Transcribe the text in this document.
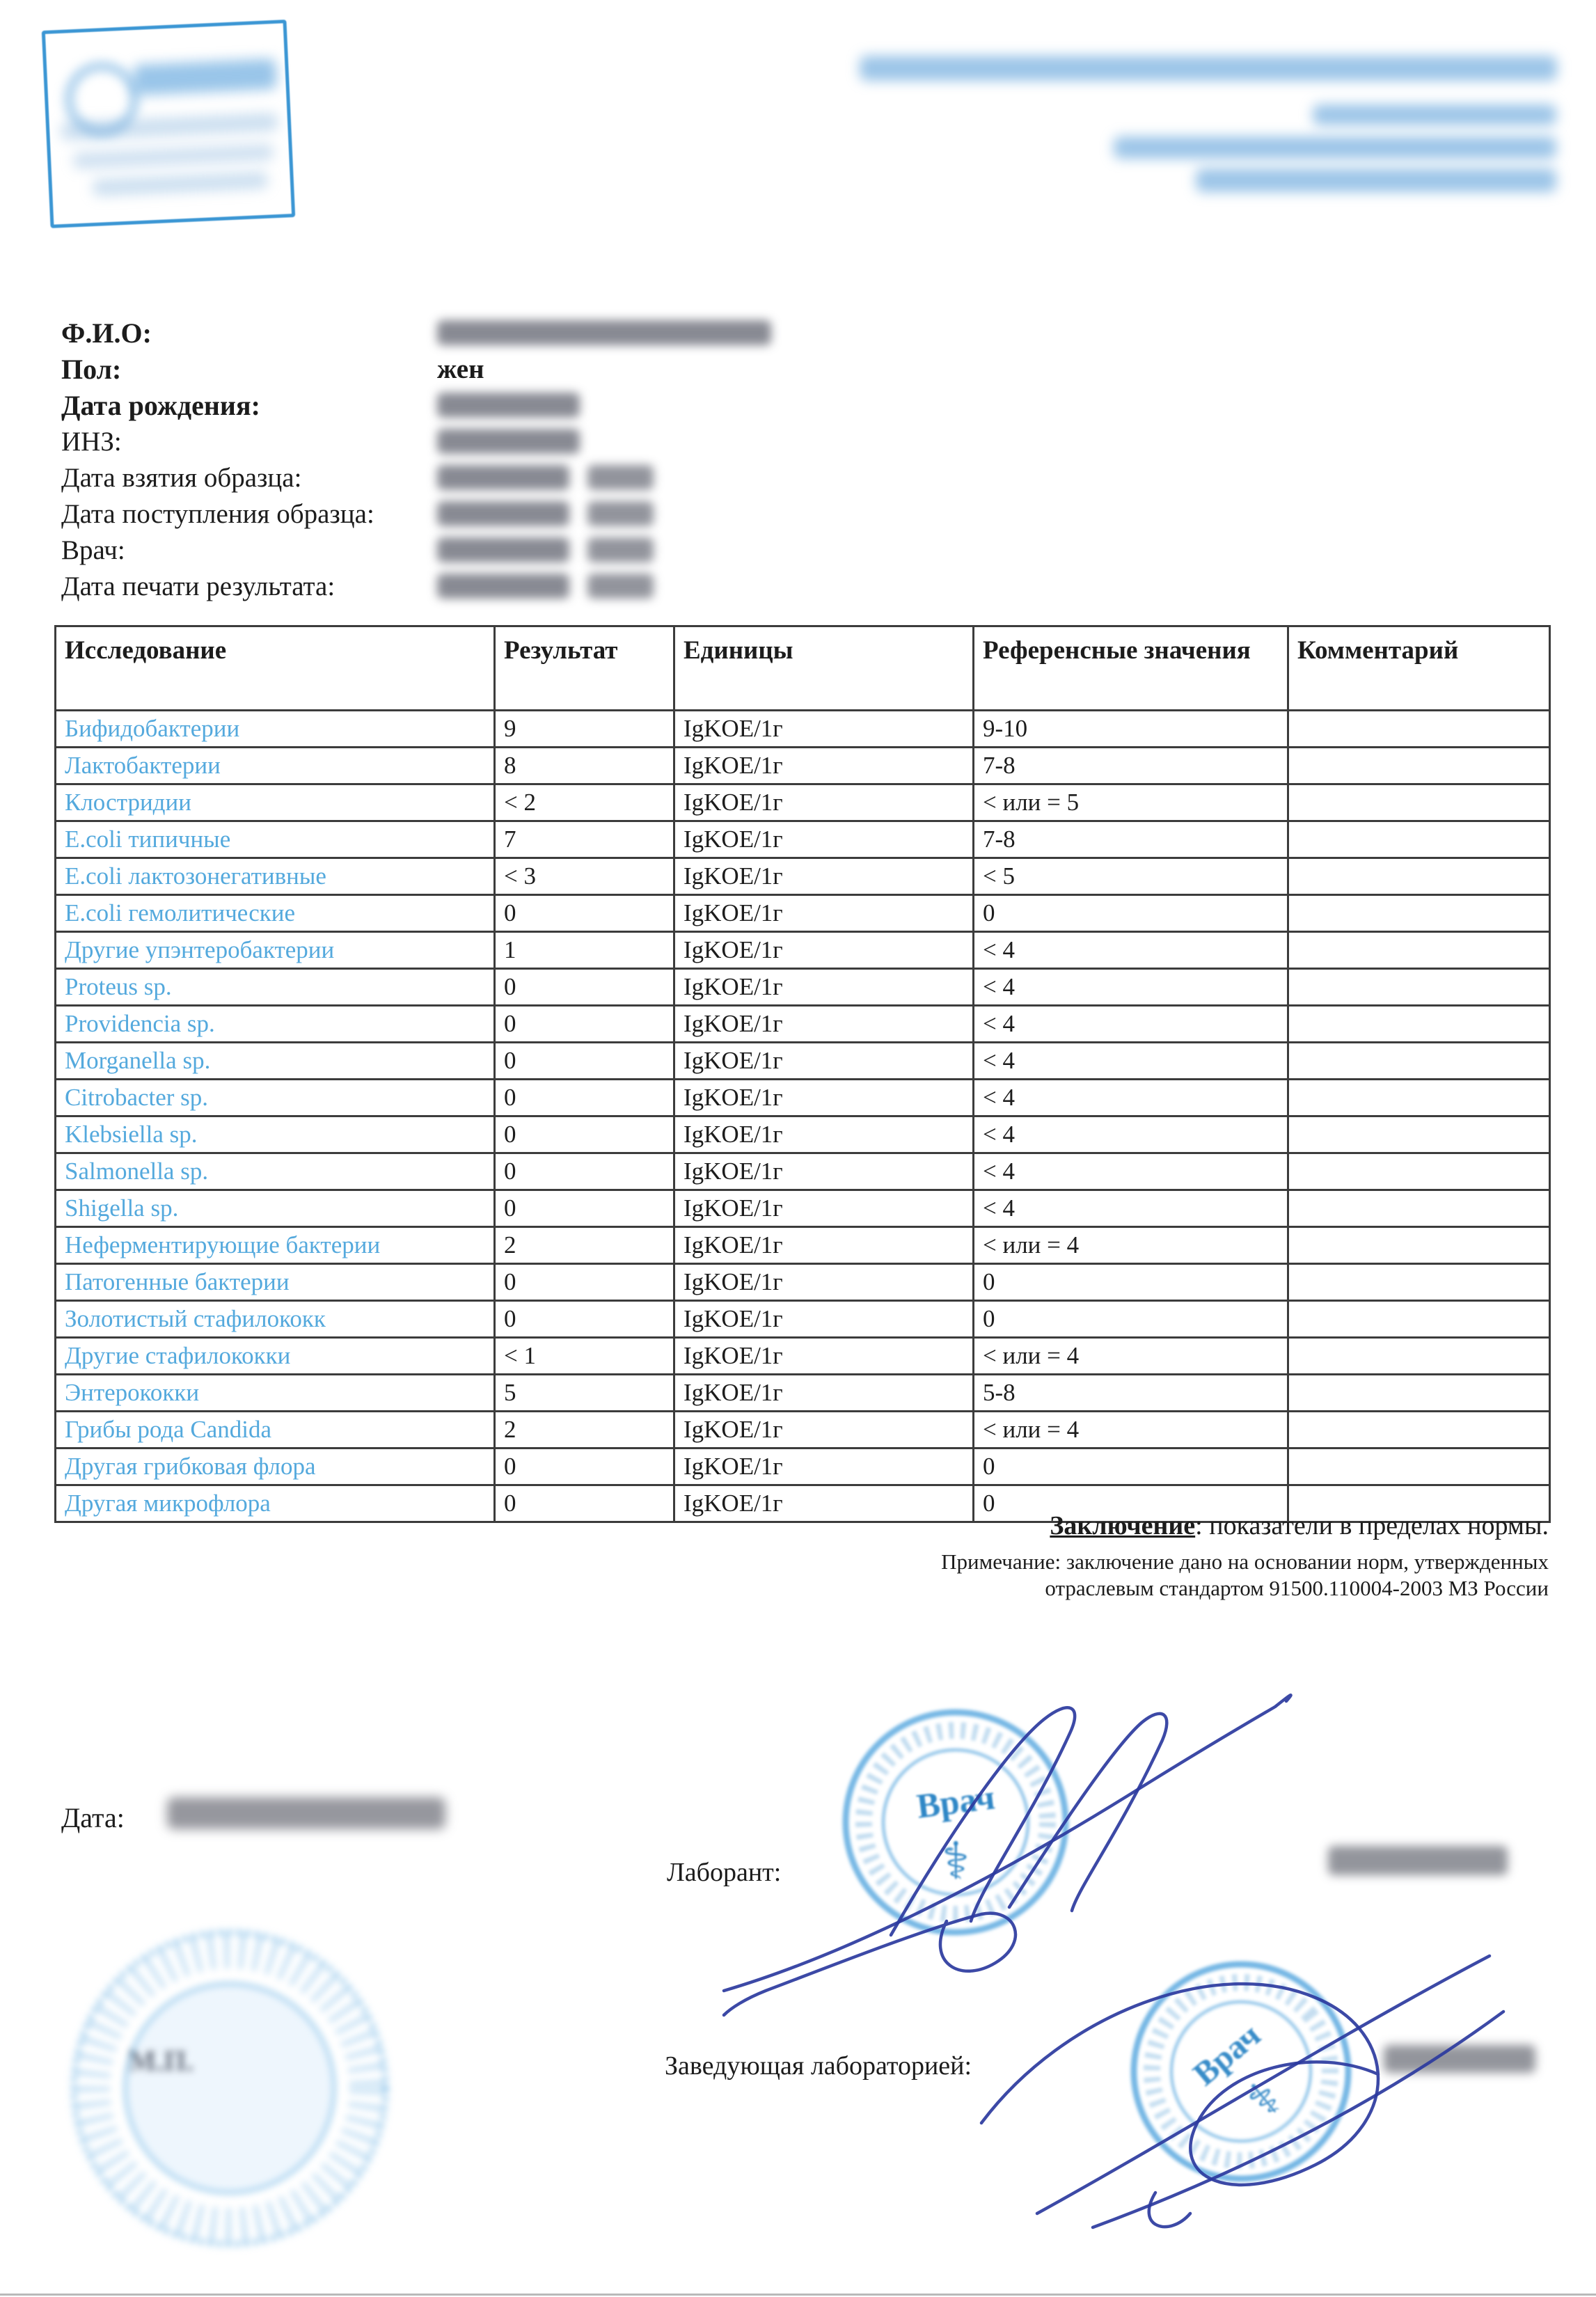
Ф.И.О:
Пол:	жен
Дата рождения:
ИНЗ:
Дата взятия образца:
Дата поступления образца:
Врач:
Дата печати результата:
Исследование	Результат	Единицы	Референсные значения	Комментарий
Бифидобактерии	9	IgKOE/1г	9-10	
Лактобактерии	8	IgKOE/1г	7-8	
Клостридии	< 2	IgKOE/1г	< или = 5	
E.coli типичные	7	IgKOE/1г	7-8	
E.coli лактозонегативные	< 3	IgKOE/1г	< 5	
E.coli гемолитические	0	IgKOE/1г	0	
Другие упэнтеробактерии	1	IgKOE/1г	< 4	
Proteus sp.	0	IgKOE/1г	< 4	
Providencia sp.	0	IgKOE/1г	< 4	
Morganella sp.	0	IgKOE/1г	< 4	
Citrobacter sp.	0	IgKOE/1г	< 4	
Klebsiella sp.	0	IgKOE/1г	< 4	
Salmonella sp.	0	IgKOE/1г	< 4	
Shigella sp.	0	IgKOE/1г	< 4	
Неферментирующие бактерии	2	IgKOE/1г	< или = 4	
Патогенные бактерии	0	IgKOE/1г	0	
Золотистый стафилококк	0	IgKOE/1г	0	
Другие стафилококки	< 1	IgKOE/1г	< или = 4	
Энтерококки	5	IgKOE/1г	5-8	
Грибы рода Candida	2	IgKOE/1г	< или = 4	
Другая грибковая флора	0	IgKOE/1г	0	
Другая микрофлора	0	IgKOE/1г	0	
Заключение: показатели в пределах нормы.
Примечание: заключение дано на основании норм, утвержденных
отраслевым стандартом 91500.110004-2003 МЗ России
Дата:
Лаборант:
Заведующая лабораторией:
Врач
⚕
Врач
⚕
